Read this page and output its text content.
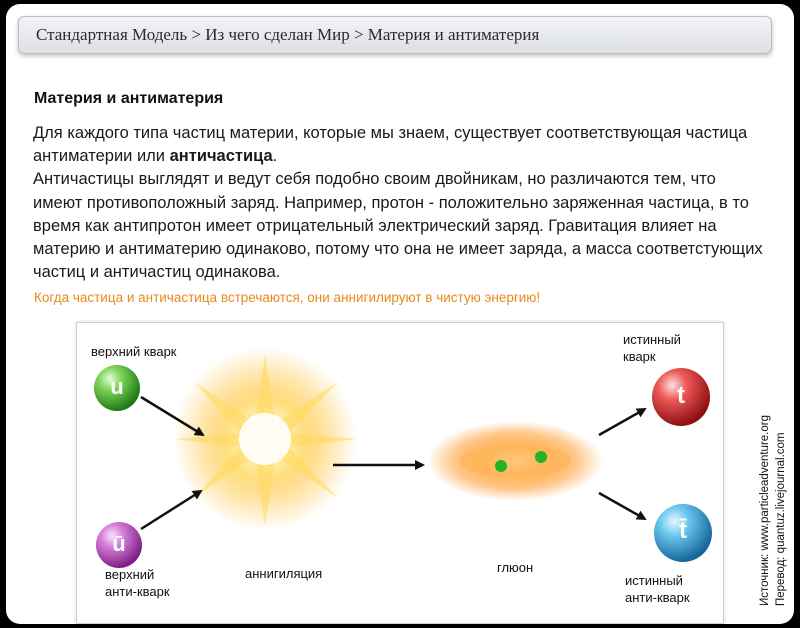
Стандартная Модель > Из чего сделан Мир > Материя и антиматерия
Материя и антиматерия
Для каждого типа частиц материи, которые мы знаем, существует соответствующая частица антиматерии или античастица.
Античастицы выглядят и ведут себя подобно своим двойникам, но различаются тем, что имеют противоположный заряд. Например, протон - положительно заряженная частица, в то время как антипротон имеет отрицательный электрический заряд. Гравитация влияет на материю и антиматерию одинаково, потому что она не имеет заряда, а масса соответстующих частиц и античастиц одинакова.
Когда частица и античастица встречаются, они аннигилируют в чистую энергию!
u
ū
t
t̄
верхний кварк
верхний
анти-кварк
аннигиляция	глюон
истинный
кварк
истинный
анти-кварк	Источник: www.particleadventure.org Перевод: quantuz.livejournal.com
